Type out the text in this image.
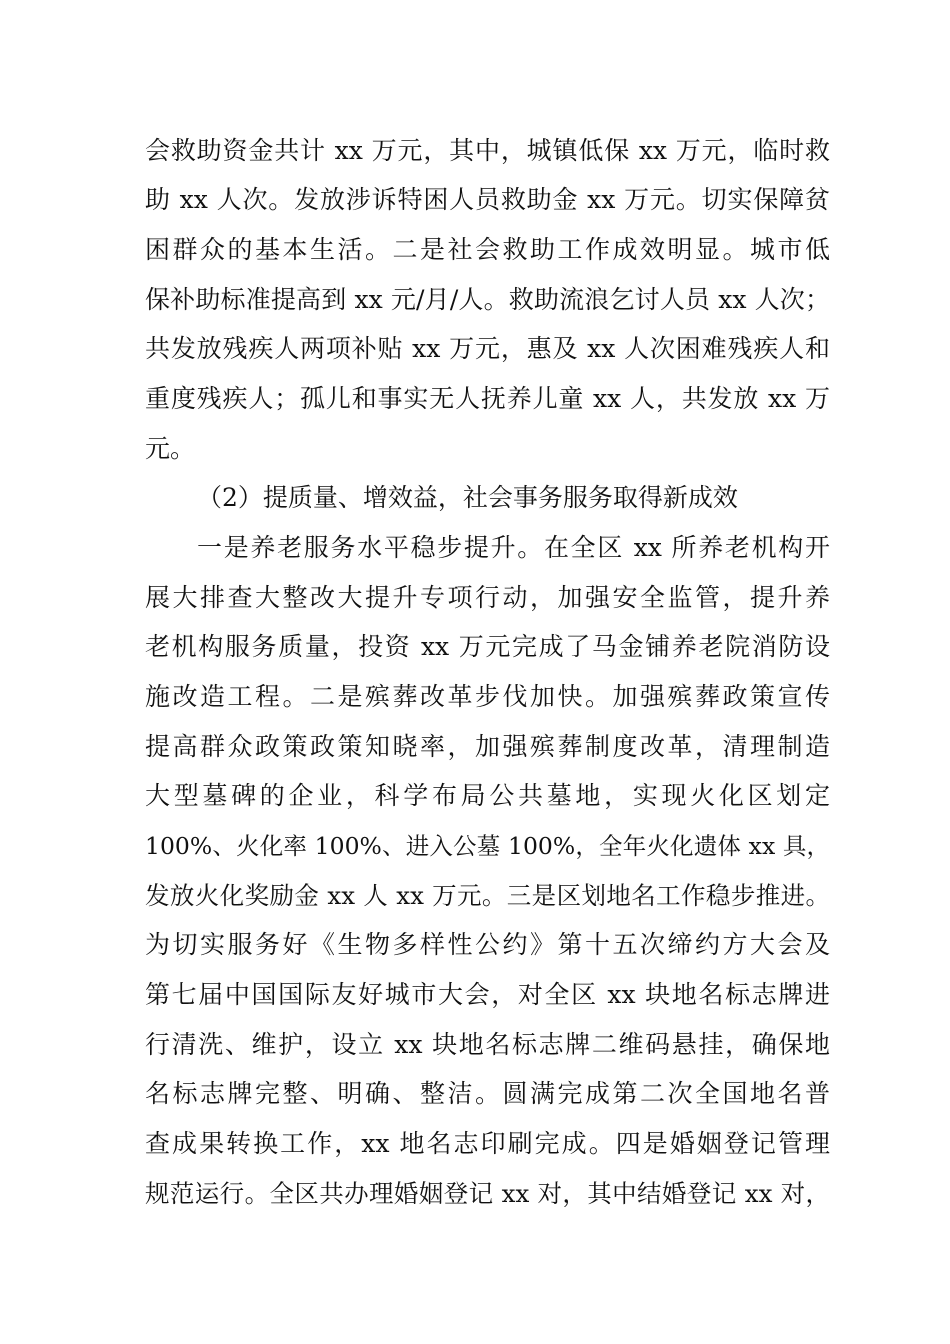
会救助资金共计 xx 万元，其中，城镇低保 xx 万元，临时救
助 xx 人次。发放涉诉特困人员救助金 xx 万元。切实保障贫
困群众的基本生活。二是社会救助工作成效明显。城市低
保补助标准提高到 xx 元/月/人。救助流浪乞讨人员 xx 人次；
共发放残疾人两项补贴 xx 万元，惠及 xx 人次困难残疾人和
重度残疾人；孤儿和事实无人抚养儿童 xx 人，共发放 xx 万
元。
（2）提质量、增效益，社会事务服务取得新成效
一是养老服务水平稳步提升。在全区 xx 所养老机构开
展大排查大整改大提升专项行动，加强安全监管，提升养
老机构服务质量，投资 xx 万元完成了马金铺养老院消防设
施改造工程。二是殡葬改革步伐加快。加强殡葬政策宣传
提高群众政策政策知晓率，加强殡葬制度改革，清理制造
大型墓碑的企业，科学布局公共墓地，实现火化区划定
100%、火化率 100%、进入公墓 100%，全年火化遗体 xx 具，
发放火化奖励金 xx 人 xx 万元。三是区划地名工作稳步推进。
为切实服务好《生物多样性公约》第十五次缔约方大会及
第七届中国国际友好城市大会，对全区 xx 块地名标志牌进
行清洗、维护，设立 xx 块地名标志牌二维码悬挂，确保地
名标志牌完整、明确、整洁。圆满完成第二次全国地名普
查成果转换工作，xx 地名志印刷完成。四是婚姻登记管理
规范运行。全区共办理婚姻登记 xx 对，其中结婚登记 xx 对，
